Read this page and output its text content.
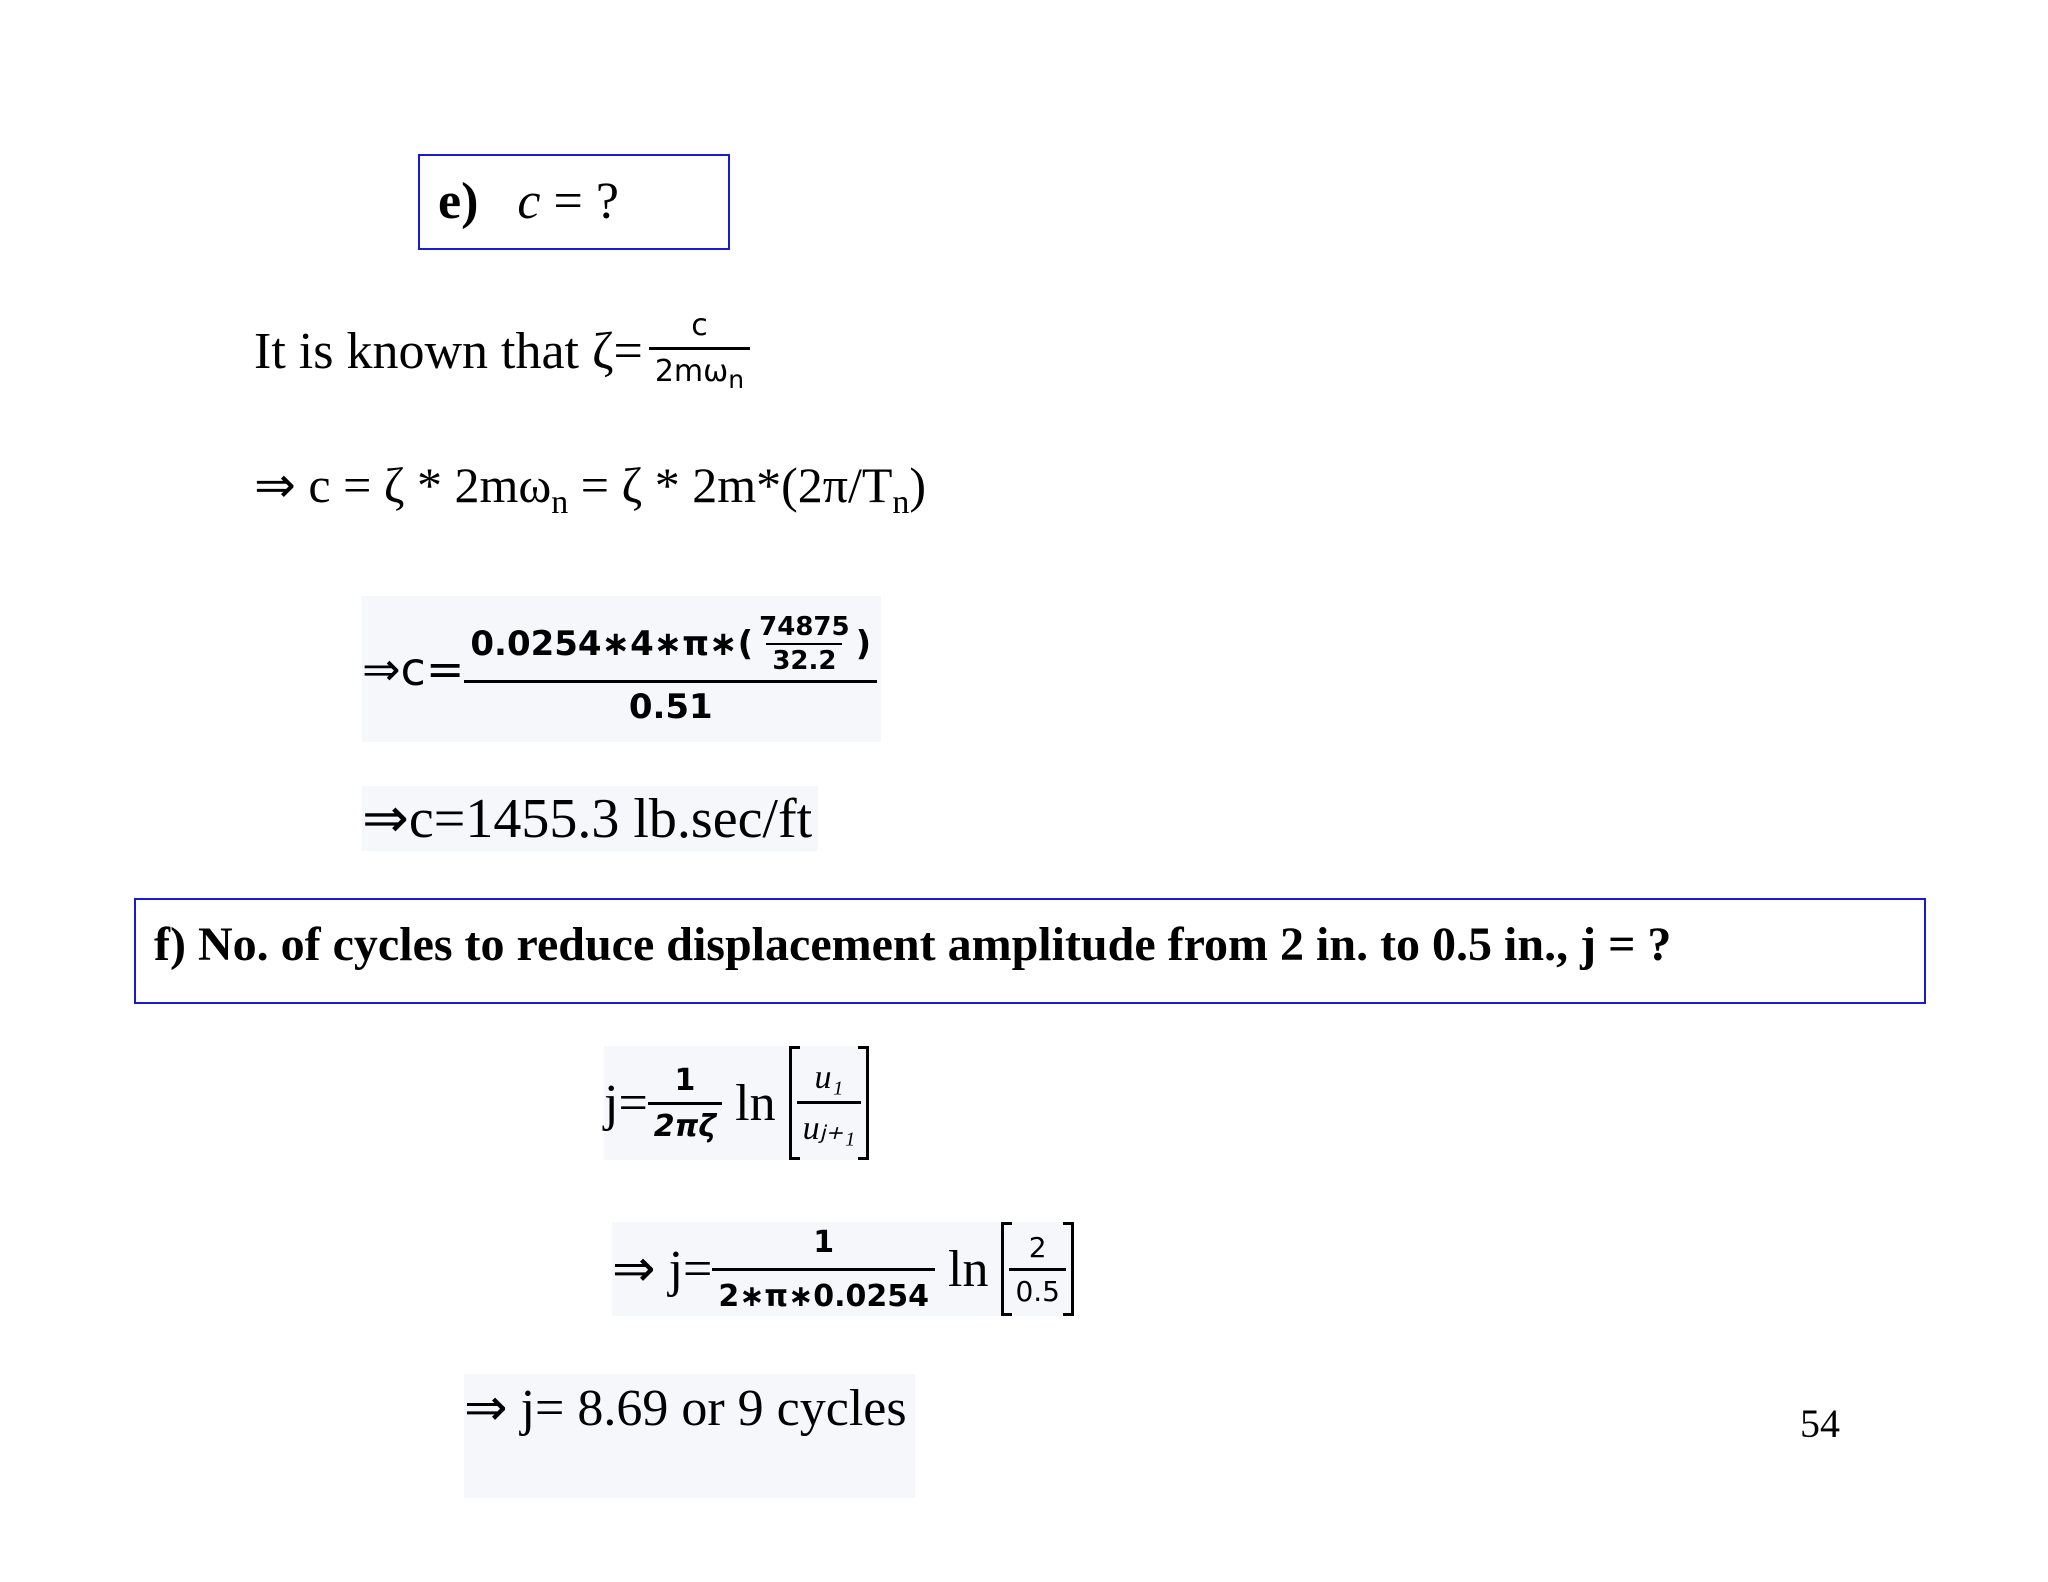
e) c = ?
It is known that $\zeta= \frac{c}{2m\omega_n}$
⇒ $c = \zeta * 2m\omega_n = \zeta * 2m*(2\pi/T_n)$
⇒c= 0.0254∗4∗π∗( $\frac{74875}{32.2}$ )
0.51
⇒c=1455.3 lb.sec/ft
f) No. of cycles to reduce displacement amplitude from 2 in. to 0.5 in., j = ?
$j= \frac{1}{2\pi\zeta}$ $\ln \frac{\text{u₁}}{\text{uⱼ₊₁}}$
⇒ $j= \frac{1}{2∗\pi∗0.0254}$ $\ln \frac{2}{0.5}$
⇒ j= 8.69 or 9 cycles	54
